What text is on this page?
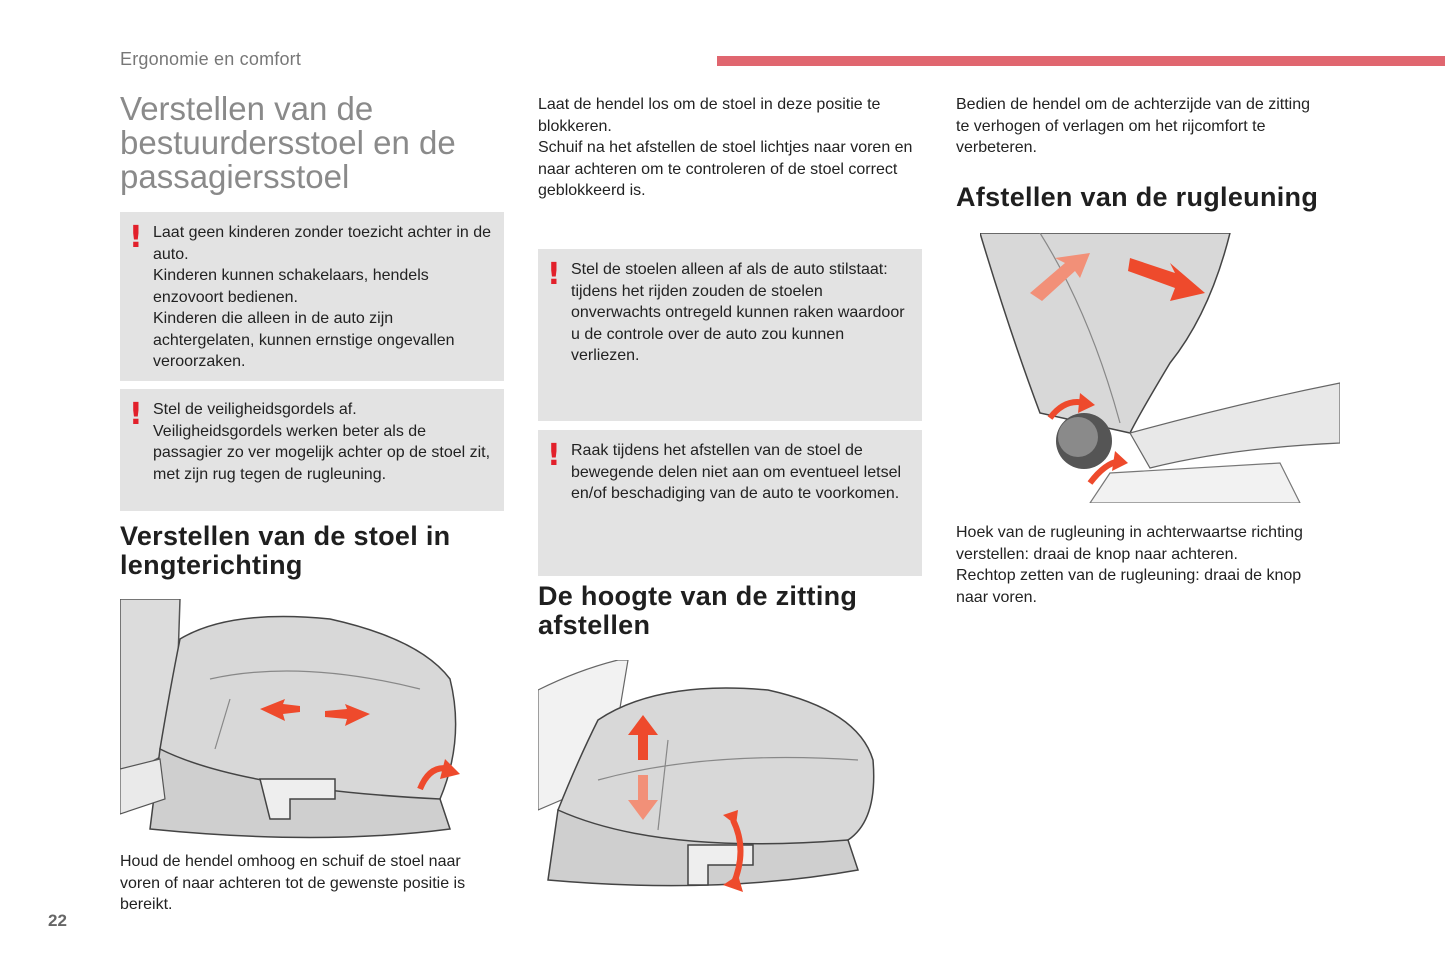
Ergonomie en comfort
Verstellen van de bestuurdersstoel en de passagiersstoel
! Laat geen kinderen zonder toezicht achter in de auto.

Kinderen kunnen schakelaars, hendels enzovoort bedienen.

Kinderen die alleen in de auto zijn achtergelaten, kunnen ernstige ongevallen veroorzaken.

! Stel de veiligheidsgordels af.

Veiligheidsgordels werken beter als de passagier zo ver mogelijk achter op de stoel zit, met zijn rug tegen de rugleuning.

Verstellen van de stoel in lengterichting
Houd de hendel omhoog en schuif de stoel naar voren of naar achteren tot de gewenste positie is bereikt.

Laat de hendel los om de stoel in deze positie te blokkeren.

Schuif na het afstellen de stoel lichtjes naar voren en naar achteren om te controleren of de stoel correct geblokkeerd is.

! Stel de stoelen alleen af als de auto stilstaat: tijdens het rijden zouden de stoelen onverwachts ontregeld kunnen raken waardoor u de controle over de auto zou kunnen verliezen.

! Raak tijdens het afstellen van de stoel de bewegende delen niet aan om eventueel letsel en/of beschadiging van de auto te voorkomen.

De hoogte van de zitting afstellen
Bedien de hendel om de achterzijde van de zitting te verhogen of verlagen om het rijcomfort te verbeteren.
Afstellen van de rugleuning

Hoek van de rugleuning in achterwaartse richting verstellen: draai de knop naar achteren.

Rechtop zetten van de rugleuning: draai de knop naar voren.

22
